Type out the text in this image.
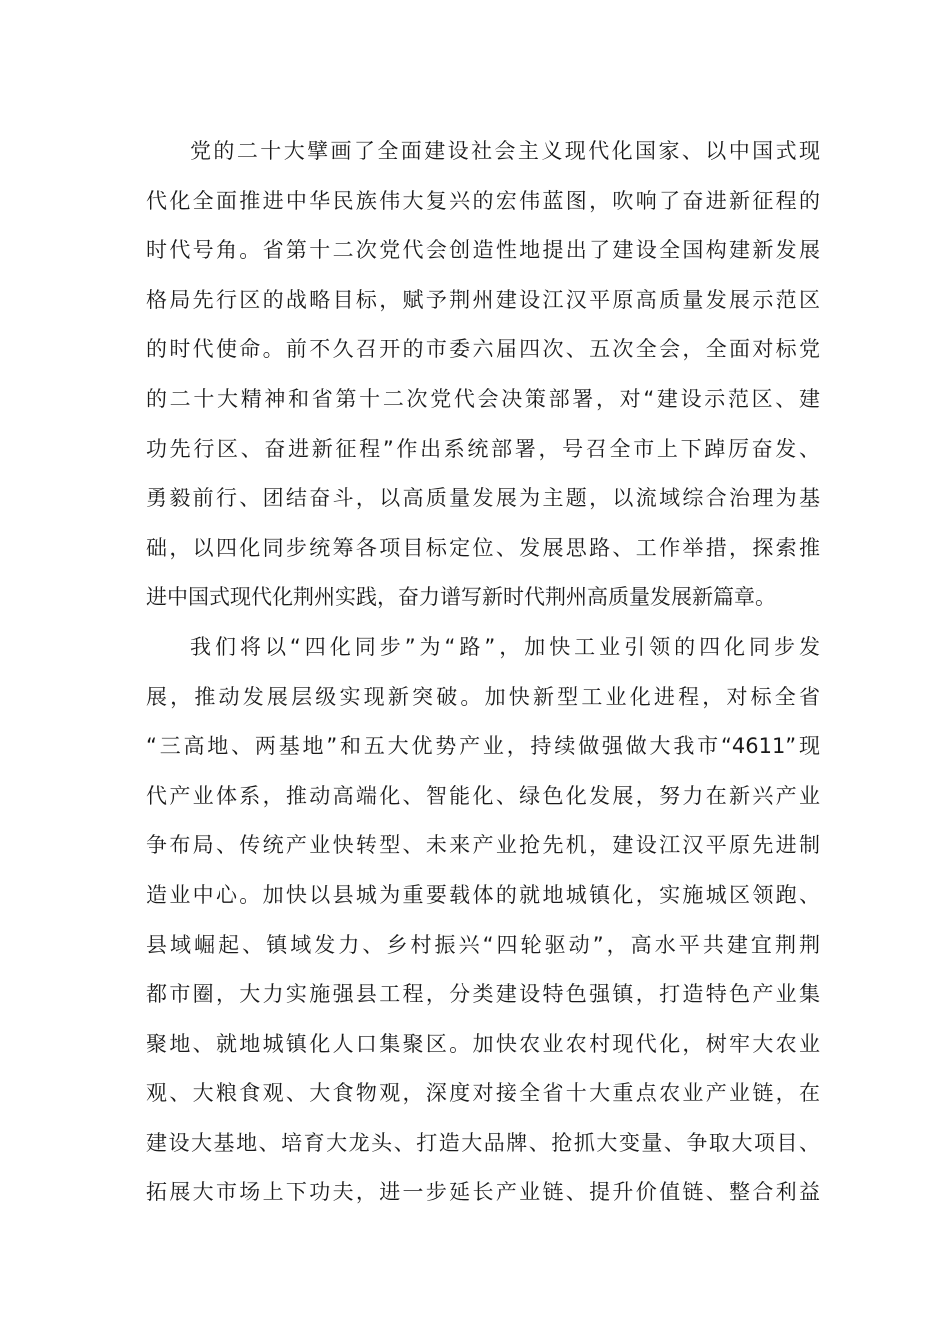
党的二十大擘画了全面建设社会主义现代化国家、以中国式现
代化全面推进中华民族伟大复兴的宏伟蓝图，吹响了奋进新征程的
时代号角。省第十二次党代会创造性地提出了建设全国构建新发展
格局先行区的战略目标，赋予荆州建设江汉平原高质量发展示范区
的时代使命。前不久召开的市委六届四次、五次全会，全面对标党
的二十大精神和省第十二次党代会决策部署，对“建设示范区、建
功先行区、奋进新征程”作出系统部署，号召全市上下踔厉奋发、
勇毅前行、团结奋斗，以高质量发展为主题，以流域综合治理为基
础，以四化同步统筹各项目标定位、发展思路、工作举措，探索推
进中国式现代化荆州实践，奋力谱写新时代荆州高质量发展新篇章。
我们将以“四化同步”为“路”，加快工业引领的四化同步发
展，推动发展层级实现新突破。加快新型工业化进程，对标全省
“三高地、两基地”和五大优势产业，持续做强做大我市“4611”现
代产业体系，推动高端化、智能化、绿色化发展，努力在新兴产业
争布局、传统产业快转型、未来产业抢先机，建设江汉平原先进制
造业中心。加快以县城为重要载体的就地城镇化，实施城区领跑、
县域崛起、镇域发力、乡村振兴“四轮驱动”，高水平共建宜荆荆
都市圈，大力实施强县工程，分类建设特色强镇，打造特色产业集
聚地、就地城镇化人口集聚区。加快农业农村现代化，树牢大农业
观、大粮食观、大食物观，深度对接全省十大重点农业产业链，在
建设大基地、培育大龙头、打造大品牌、抢抓大变量、争取大项目、
拓展大市场上下功夫，进一步延长产业链、提升价值链、整合利益
